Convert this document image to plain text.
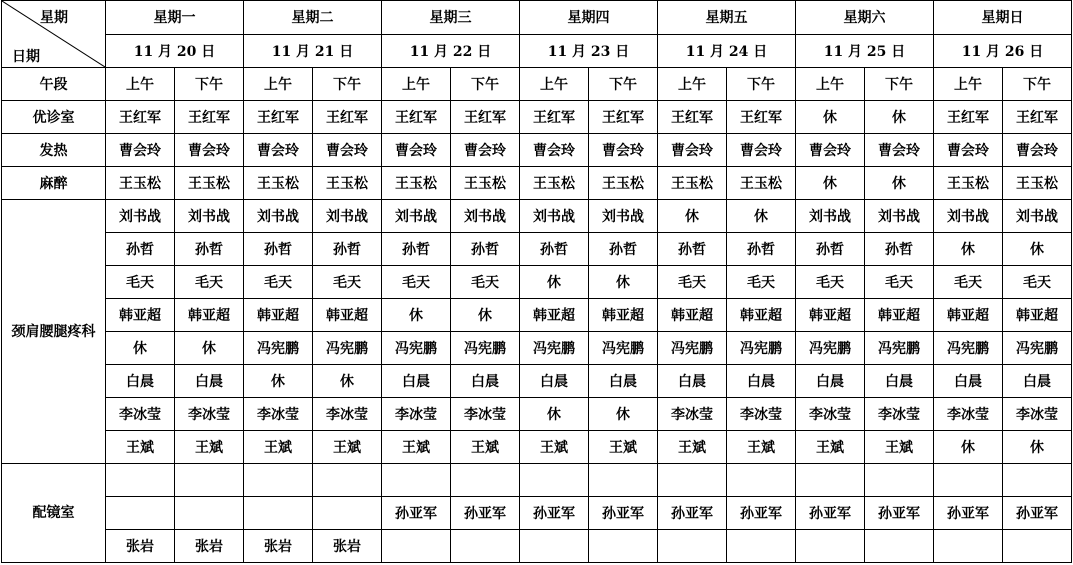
星期
日期	星期一		星期二		星期三		星期四		星期五		星期六		星期日	
	11 月 20 日		11 月 21 日		11 月 22 日		11 月 23 日		11 月 24 日		11 月 25 日		11 月 26 日	
午段	上午	下午	上午	下午	上午	下午	上午	下午	上午	下午	上午	下午	上午	下午
优诊室	王红军	王红军	王红军	王红军	王红军	王红军	王红军	王红军	王红军	王红军	休	休	王红军	王红军
发热	曹会玲	曹会玲	曹会玲	曹会玲	曹会玲	曹会玲	曹会玲	曹会玲	曹会玲	曹会玲	曹会玲	曹会玲	曹会玲	曹会玲
麻醉	王玉松	王玉松	王玉松	王玉松	王玉松	王玉松	王玉松	王玉松	王玉松	王玉松	休	休	王玉松	王玉松
颈肩腰腿疼科	刘书战	刘书战	刘书战	刘书战	刘书战	刘书战	刘书战	刘书战	休	休	刘书战	刘书战	刘书战	刘书战
	孙哲	孙哲	孙哲	孙哲	孙哲	孙哲	孙哲	孙哲	孙哲	孙哲	孙哲	孙哲	休	休
	毛天	毛天	毛天	毛天	毛天	毛天	休	休	毛天	毛天	毛天	毛天	毛天	毛天
	韩亚超	韩亚超	韩亚超	韩亚超	休	休	韩亚超	韩亚超	韩亚超	韩亚超	韩亚超	韩亚超	韩亚超	韩亚超
	休	休	冯宪鹏	冯宪鹏	冯宪鹏	冯宪鹏	冯宪鹏	冯宪鹏	冯宪鹏	冯宪鹏	冯宪鹏	冯宪鹏	冯宪鹏	冯宪鹏
	白晨	白晨	休	休	白晨	白晨	白晨	白晨	白晨	白晨	白晨	白晨	白晨	白晨
	李冰莹	李冰莹	李冰莹	李冰莹	李冰莹	李冰莹	休	休	李冰莹	李冰莹	李冰莹	李冰莹	李冰莹	李冰莹
	王斌	王斌	王斌	王斌	王斌	王斌	王斌	王斌	王斌	王斌	王斌	王斌	休	休
配镜室														
					孙亚军	孙亚军	孙亚军	孙亚军	孙亚军	孙亚军	孙亚军	孙亚军	孙亚军	孙亚军
	张岩	张岩	张岩	张岩										
